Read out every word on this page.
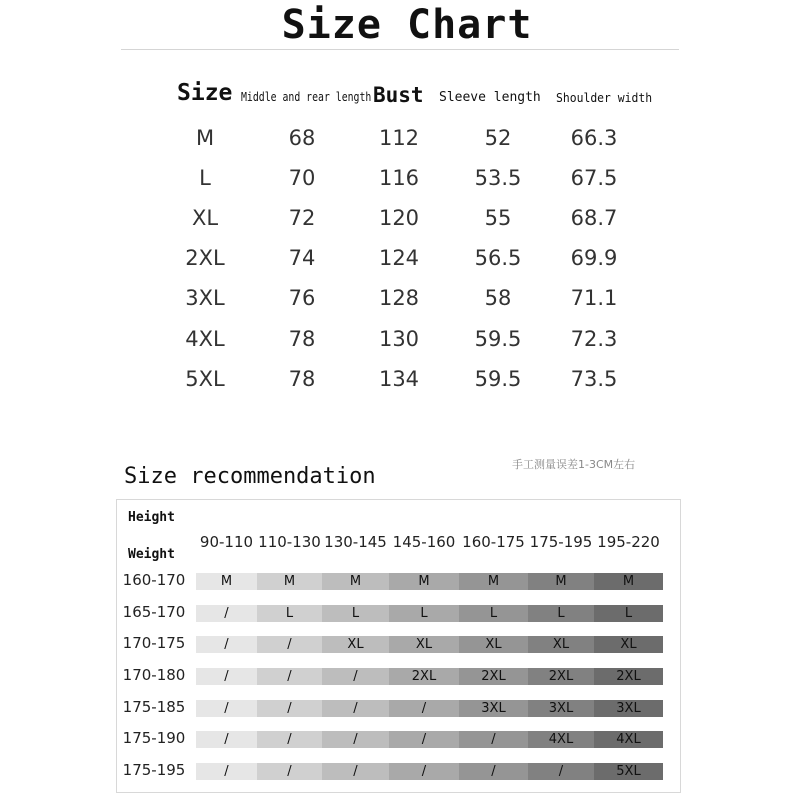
Size Chart
Size Middle and rear length Bust Sleeve length Shoulder width
M	68	112	52	66.3
L	70	116	53.5	67.5
XL	72	120	55	68.7
2XL	74	124	56.5	69.9
3XL	76	128	58	71.1
4XL	78	130	59.5	72.3
5XL	78	134	59.5	73.5
手工测量误差1-3CM左右
Size recommendation
Height
Weight
90-110 110-130 130-145 145-160 160-175 175-195 195-220
160-170	M	M	M	M	M	M	M
165-170	/	L	L	L	L	L	L
170-175	/	/	XL	XL	XL	XL	XL
170-180	/	/	/	2XL	2XL	2XL	2XL
175-185	/	/	/	/	3XL	3XL	3XL
175-190	/	/	/	/	/	4XL	4XL
175-195	/	/	/	/	/	/	5XL
